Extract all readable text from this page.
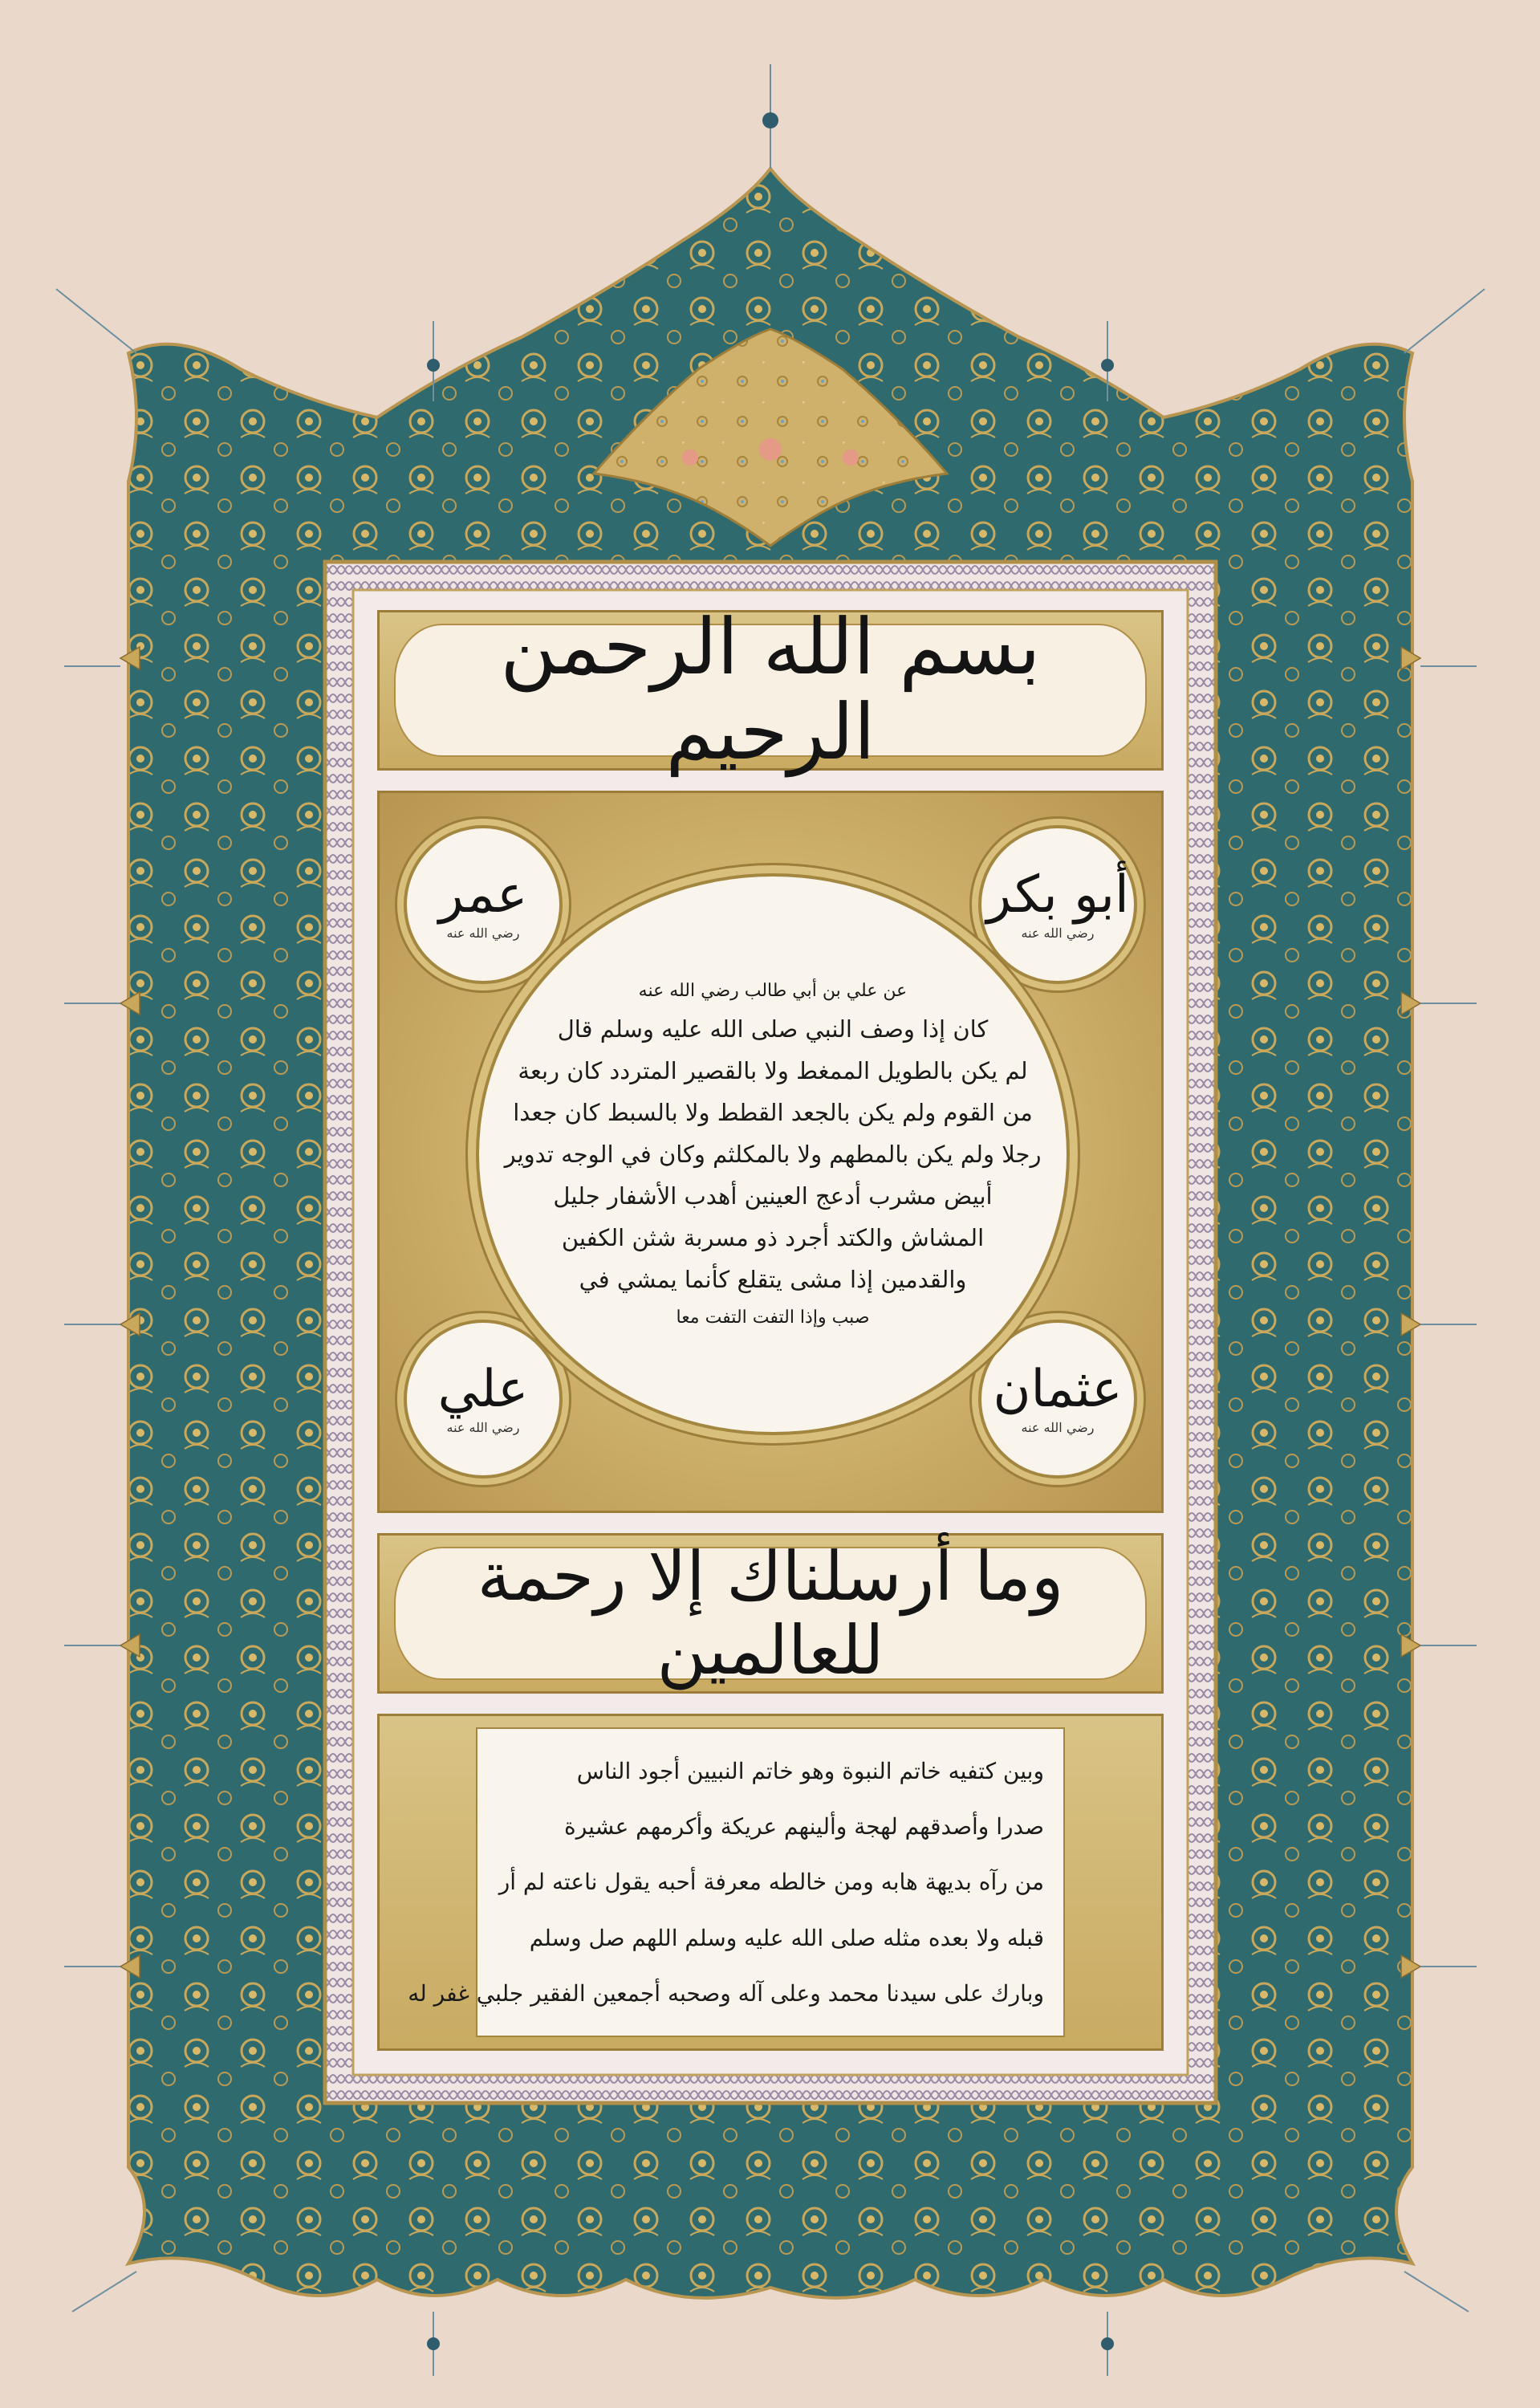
بسم الله الرحمن الرحيم
عمر
رضي الله عنه
أبو بكر
رضي الله عنه
علي
رضي الله عنه
عثمان
رضي الله عنه
عن علي بن أبي طالب رضي الله عنه
كان إذا وصف النبي صلى الله عليه وسلم قال
لم يكن بالطويل الممغط ولا بالقصير المتردد كان ربعة
من القوم ولم يكن بالجعد القطط ولا بالسبط كان جعدا
رجلا ولم يكن بالمطهم ولا بالمكلثم وكان في الوجه تدوير
أبيض مشرب أدعج العينين أهدب الأشفار جليل
المشاش والكتد أجرد ذو مسربة شثن الكفين
والقدمين إذا مشى يتقلع كأنما يمشي في
صبب وإذا التفت التفت معا
وما أرسلناك إلا رحمة للعالمين
وبين كتفيه خاتم النبوة وهو خاتم النبيين أجود الناس
صدرا وأصدقهم لهجة وألينهم عريكة وأكرمهم عشيرة
من رآه بديهة هابه ومن خالطه معرفة أحبه يقول ناعته لم أر
قبله ولا بعده مثله صلى الله عليه وسلم اللهم صل وسلم
وبارك على سيدنا محمد وعلى آله وصحبه أجمعين الفقير جلبي غفر له
